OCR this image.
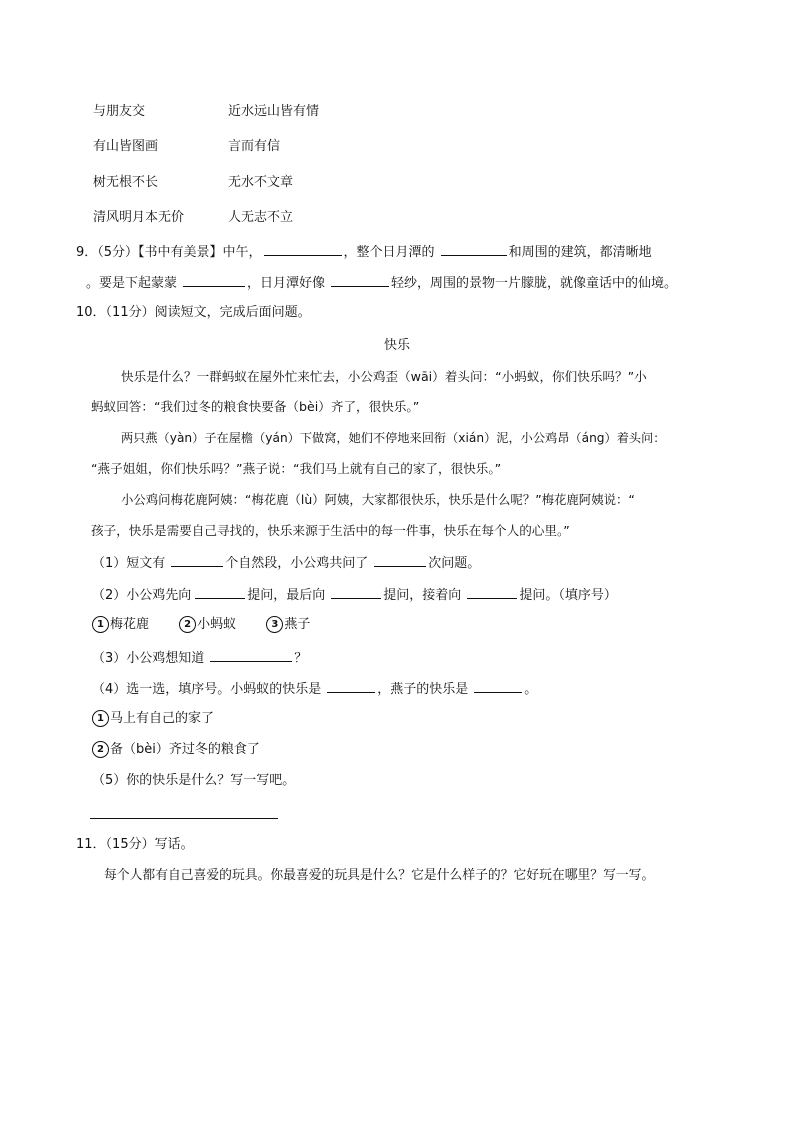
与朋友交	近水远山皆有情
有山皆图画	言而有信
树无根不长	无水不文章
清风明月本无价	人无志不立
9．（5分）【书中有美景】中午，	，整个日月潭的	和周围的建筑，都清晰地
。要是下起蒙蒙	，日月潭好像	轻纱，周围的景物一片朦胧，就像童话中的仙境。
10．（11分）阅读短文，完成后面问题。
快乐
快乐是什么？一群蚂蚁在屋外忙来忙去，小公鸡歪（wāi）着头问：“小蚂蚁，你们快乐吗？”小
蚂蚁回答：“我们过冬的粮食快要备（bèi）齐了，很快乐。”
两只燕（yàn）子在屋檐（yán）下做窝，她们不停地来回衔（xián）泥，小公鸡昂（áng）着头问：
“燕子姐姐，你们快乐吗？”燕子说：“我们马上就有自己的家了，很快乐。”
小公鸡问梅花鹿阿姨：“梅花鹿（lù）阿姨，大家都很快乐，快乐是什么呢？”梅花鹿阿姨说：“
孩子，快乐是需要自己寻找的，快乐来源于生活中的每一件事，快乐在每个人的心里。”
（1）短文有	个自然段，小公鸡共问了	次问题。
（2）小公鸡先向	提问，最后向	提问，接着向	提问。（填序号）
1 梅花鹿	2 小蚂蚁	3 燕子
（3）小公鸡想知道	？
（4）选一选，填序号。小蚂蚁的快乐是	，燕子的快乐是	。
1 马上有自己的家了
2 备（bèi）齐过冬的粮食了
（5）你的快乐是什么？写一写吧。
11．（15分）写话。
每个人都有自己喜爱的玩具。你最喜爱的玩具是什么？它是什么样子的？它好玩在哪里？写一写。
